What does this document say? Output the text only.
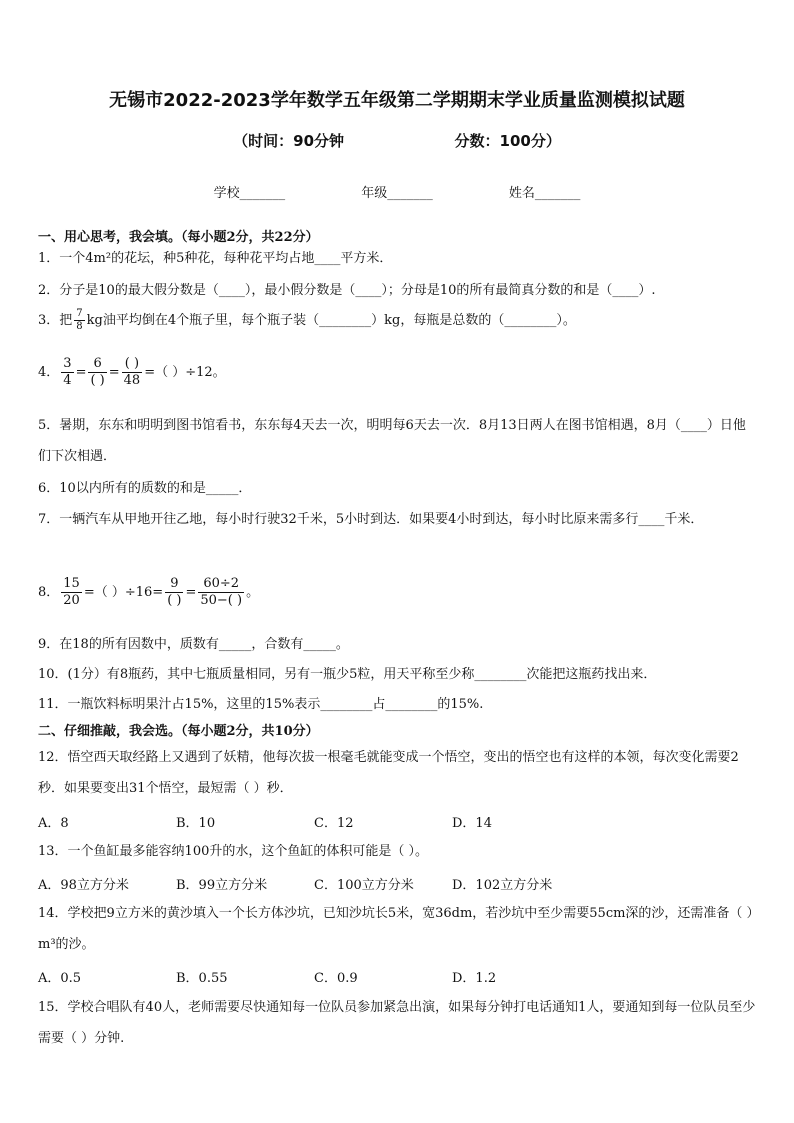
无锡市2022-2023学年数学五年级第二学期期末学业质量监测模拟试题
（时间：90分钟	分数：100分）
学校_______	年级_______	姓名_______
一、用心思考，我会填。（每小题2分，共22分）
1．一个4m²的花坛，种5种花，每种花平均占地____平方米．
2．分子是10的最大假分数是（____），最小假分数是（____）；分母是10的所有最简真分数的和是（____）.
3．把 $\frac{7}{8}$ kg油平均倒在4个瓶子里，每个瓶子装（________）kg，每瓶是总数的（________）。
4． $\frac{3}{4} = \frac{6}{( )} = \frac{( )}{48}$ =（ ）÷12。
5．暑期，东东和明明到图书馆看书，东东每4天去一次，明明每6天去一次．8月13日两人在图书馆相遇，8月（____）日他们下次相遇．
6．10以内所有的质数的和是_____．
7．一辆汽车从甲地开往乙地，每小时行驶32千米，5小时到达．如果要4小时到达，每小时比原来需多行____千米．
8． $\frac{15}{20}$ =（ ）$\div 16= \frac{9}{( )} = \frac{60\div 2}{50-( )}$ 。
9．在18的所有因数中，质数有_____，合数有_____。
10．(1分）有8瓶药，其中七瓶质量相同，另有一瓶少5粒，用天平称至少称________次能把这瓶药找出来．
11．一瓶饮料标明果汁占15%，这里的15%表示________占________的15%.
二、仔细推敲，我会选。（每小题2分，共10分）
12．悟空西天取经路上又遇到了妖精，他每次拔一根毫毛就能变成一个悟空，变出的悟空也有这样的本领，每次变化需要2秒．如果要变出31个悟空，最短需（ ）秒．
A．8	B．10	C．12	D．14
13．一个鱼缸最多能容纳100升的水，这个鱼缸的体积可能是（ ）。
A．98立方分米	B．99立方分米	C．100立方分米	D．102立方分米
14．学校把9立方米的黄沙填入一个长方体沙坑，已知沙坑长5米，宽36dm，若沙坑中至少需要55cm深的沙，还需准备（ ）m³的沙。
A．0.5	B．0.55	C．0.9	D．1.2
15．学校合唱队有40人，老师需要尽快通知每一位队员参加紧急出演，如果每分钟打电话通知1人，要通知到每一位队员至少需要（ ）分钟.
